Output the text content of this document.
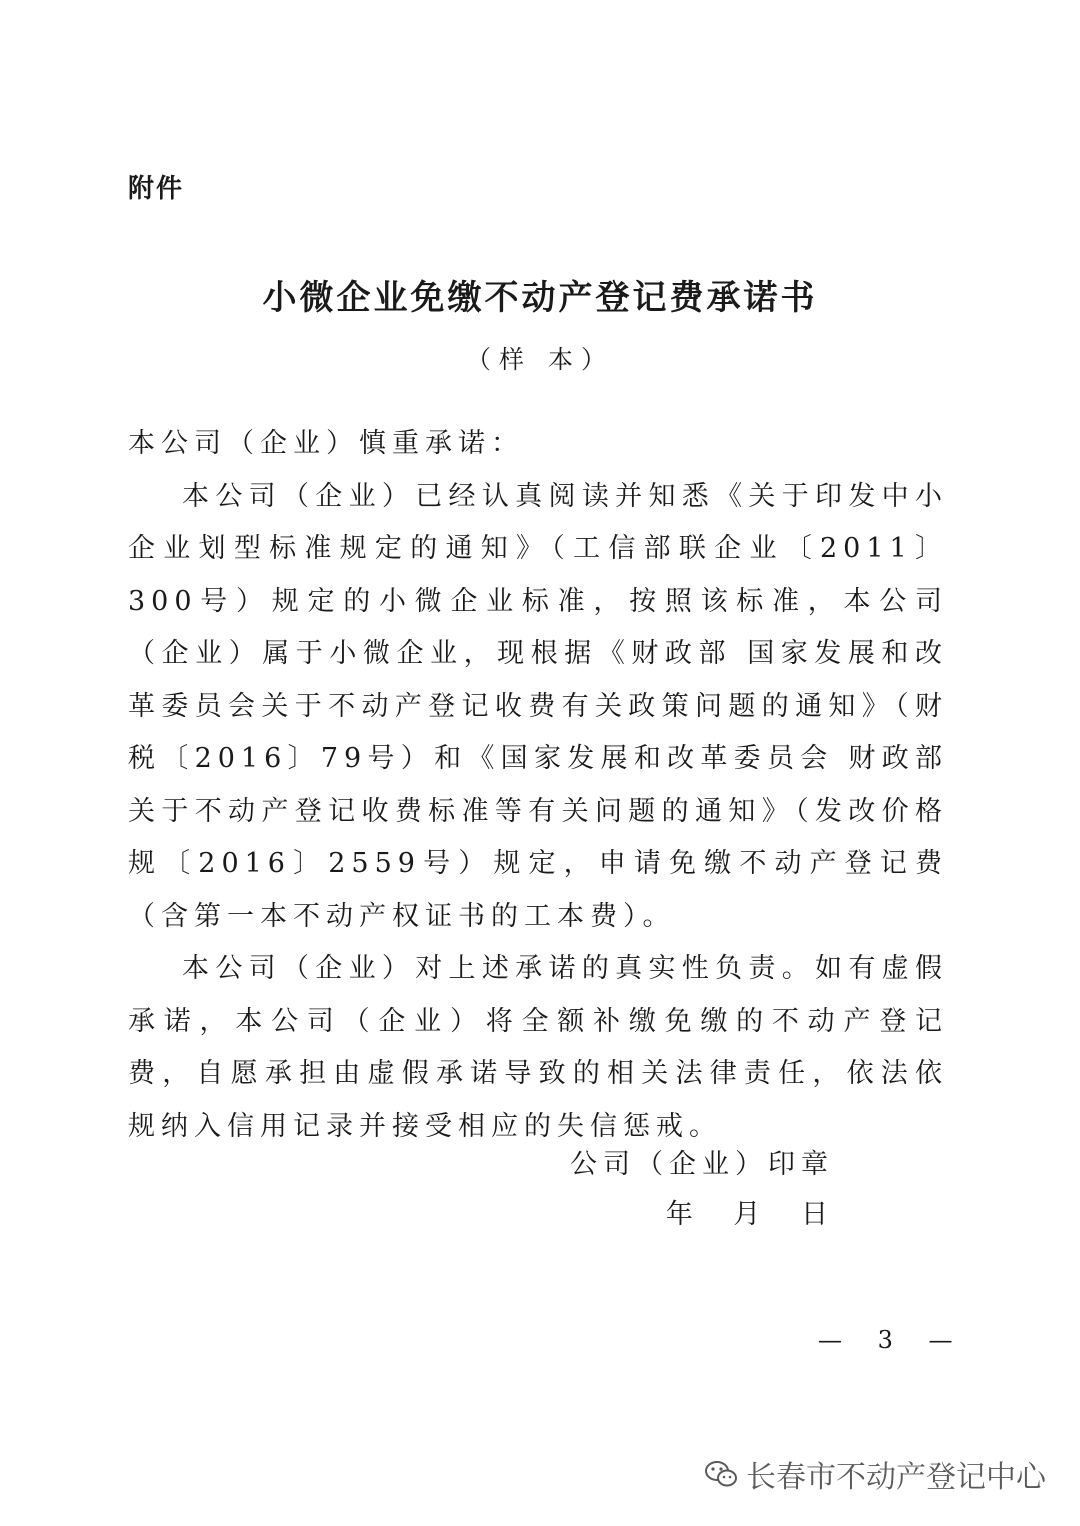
附件
小微企业免缴不动产登记费承诺书
（样 本）

本公司（企业）慎重承诺：

本公司（企业）已经认真阅读并知悉《关于印发中小企业划型标准规定的通知》（工信部联企业〔2011〕300号）规定的小微企业标准，按照该标准，本公司（企业）属于小微企业，现根据《财政部 国家发展和改革委员会关于不动产登记收费有关政策问题的通知》（财税〔2016〕79号）和《国家发展和改革委员会 财政部关于不动产登记收费标准等有关问题的通知》（发改价格规〔2016〕2559号）规定，申请免缴不动产登记费（含第一本不动产权证书的工本费）。

本公司（企业）对上述承诺的真实性负责。如有虚假承诺，本公司（企业）将全额补缴免缴的不动产登记费，自愿承担由虚假承诺导致的相关法律责任，依法依规纳入信用记录并接受相应的失信惩戒。

公司（企业）印章
年 月 日
— 3 —
长春市不动产登记中心
